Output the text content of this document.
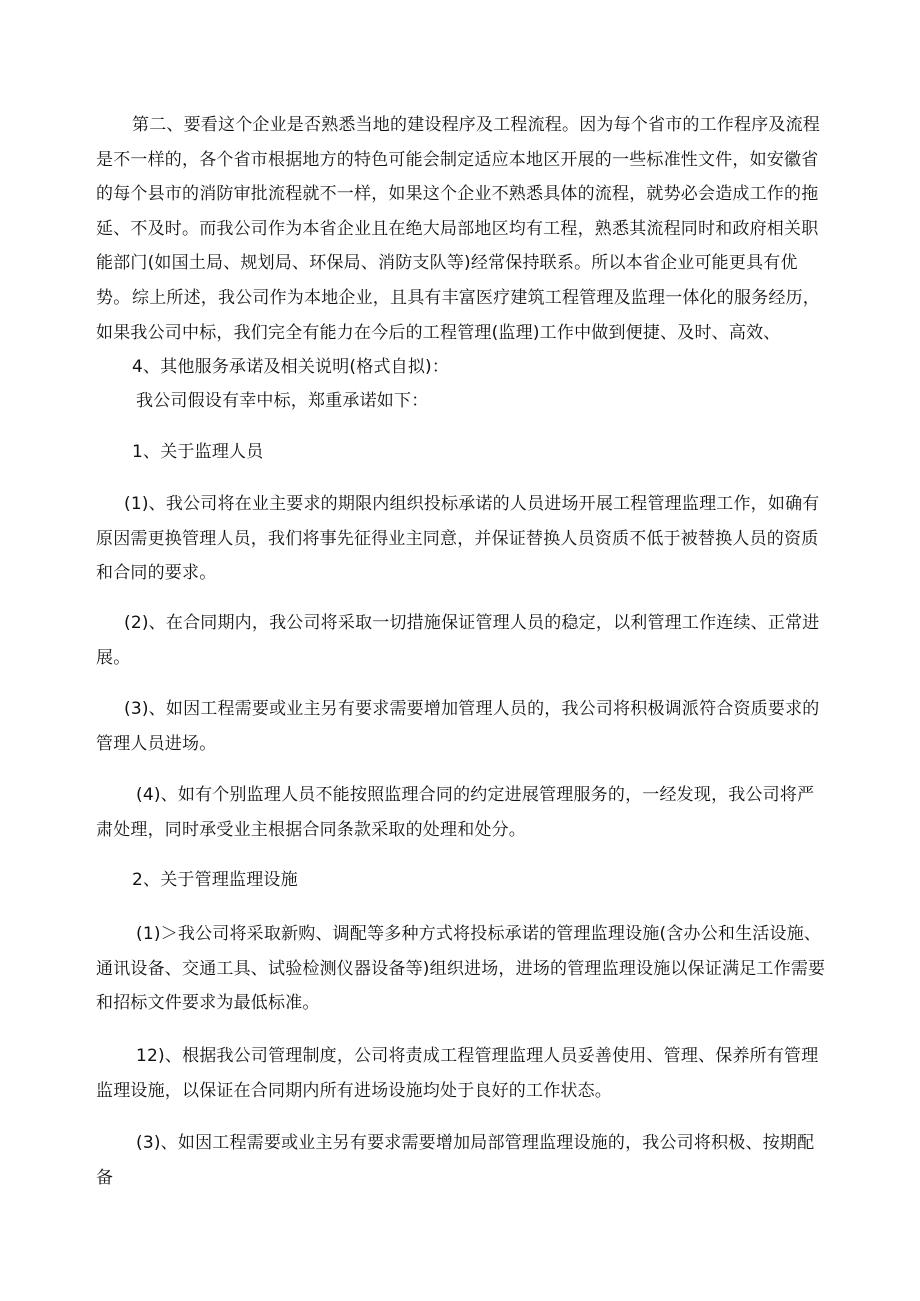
第二、要看这个企业是否熟悉当地的建设程序及工程流程。因为每个省市的工作程序及流程是不一样的，各个省市根据地方的特色可能会制定适应本地区开展的一些标准性文件，如安徽省的每个县市的消防审批流程就不一样，如果这个企业不熟悉具体的流程，就势必会造成工作的拖延、不及时。而我公司作为本省企业且在绝大局部地区均有工程，熟悉其流程同时和政府相关职能部门(如国土局、规划局、环保局、消防支队等)经常保持联系。所以本省企业可能更具有优势。 综上所述，我公司作为本地企业，且具有丰富医疗建筑工程管理及监理一体化的服务经历，如果我公司中标，我们完全有能力在今后的工程管理(监理)工作中做到便捷、及时、高效、

4、其他服务承诺及相关说明(格式自拟)：

我公司假设有幸中标，郑重承诺如下：

1、关于监理人员

(1)、我公司将在业主要求的期限内组织投标承诺的人员进场开展工程管理监理工作，如确有原因需更换管理人员，我们将事先征得业主同意，并保证替换人员资质不低于被替换人员的资质和合同的要求。

(2)、在合同期内，我公司将采取一切措施保证管理人员的稳定，以利管理工作连续、正常进展。

(3)、如因工程需要或业主另有要求需要增加管理人员的，我公司将积极调派符合资质要求的管理人员进场。

(4)、如有个别监理人员不能按照监理合同的约定进展管理服务的，一经发现，我公司将严肃处理，同时承受业主根据合同条款采取的处理和处分。

2、关于管理监理设施

(1)＞我公司将采取新购、调配等多种方式将投标承诺的管理监理设施(含办公和生活设施、通讯设备、交通工具、试验检测仪器设备等)组织进场，进场的管理监理设施以保证满足工作需要和招标文件要求为最低标准。

12)、根据我公司管理制度，公司将责成工程管理监理人员妥善使用、管理、保养所有管理监理设施，以保证在合同期内所有进场设施均处于良好的工作状态。

(3)、如因工程需要或业主另有要求需要增加局部管理监理设施的，我公司将积极、按期配备
